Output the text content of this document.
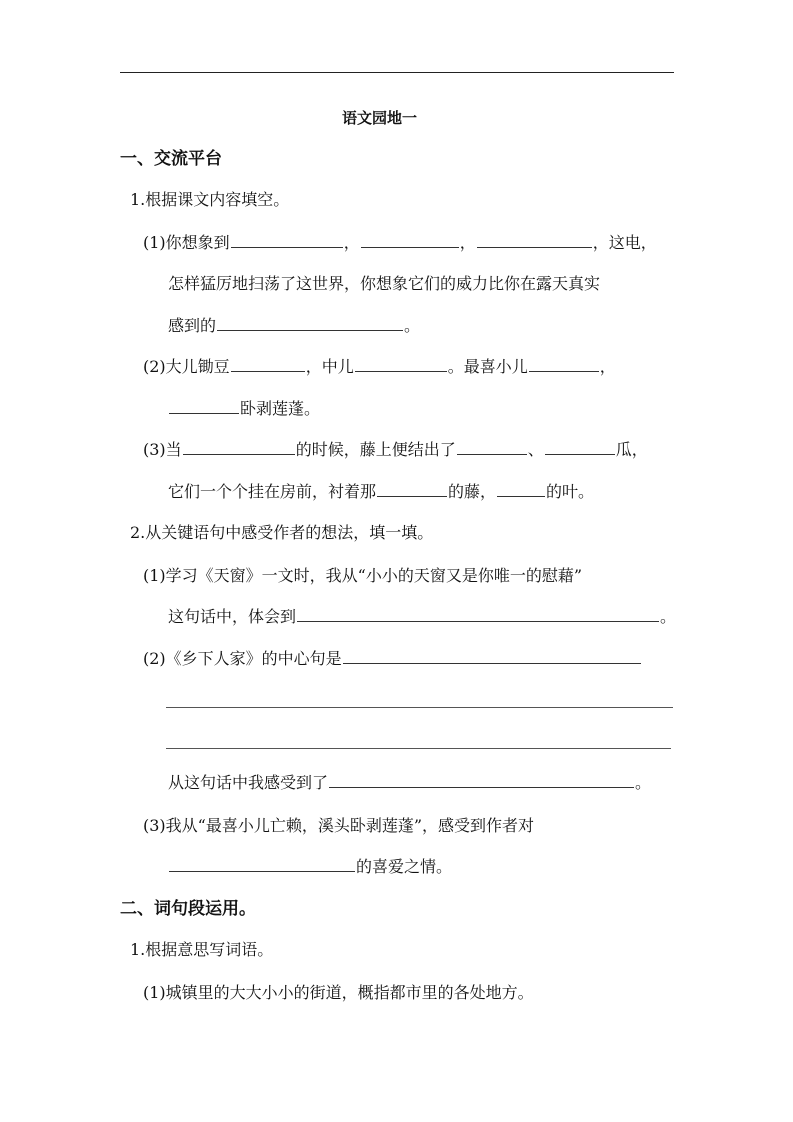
语文园地一
一、交流平台
1.根据课文内容填空。
(1)你想象到	，	，	，这电，
怎样猛厉地扫荡了这世界，你想象它们的威力比你在露天真实
感到的	。
(2)大儿锄豆	，中儿	。最喜小儿	，
卧剥莲蓬。
(3)当	的时候，藤上便结出了	、	瓜，
它们一个个挂在房前，衬着那	的藤，	的叶。
2.从关键语句中感受作者的想法，填一填。
(1)学习《天窗》一文时，我从“小小的天窗又是你唯一的慰藉”
这句话中，体会到	。
(2)《乡下人家》的中心句是
从这句话中我感受到了	。
(3)我从“最喜小儿亡赖，溪头卧剥莲蓬”，感受到作者对
的喜爱之情。
二、词句段运用。
1.根据意思写词语。
(1)城镇里的大大小小的街道，概指都市里的各处地方。
